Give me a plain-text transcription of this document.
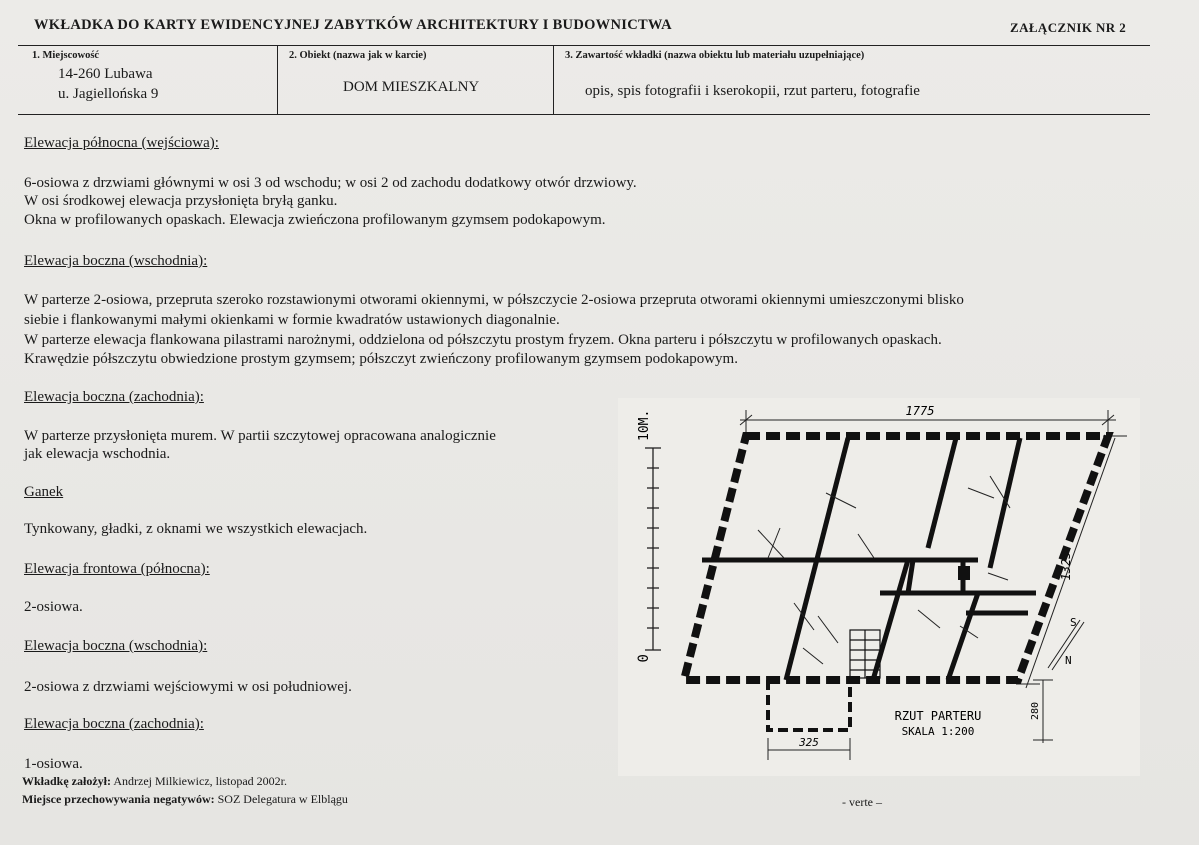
WKŁADKA DO KARTY EWIDENCYJNEJ ZABYTKÓW ARCHITEKTURY I BUDOWNICTWA	ZAŁĄCZNIK NR 2
1. Miejscowość
14-260 Lubawa
u. Jagiellońska 9
2. Obiekt (nazwa jak w karcie)
DOM MIESZKALNY
3. Zawartość wkładki (nazwa obiektu lub materiału uzupełniające)
opis, spis fotografii i kserokopii, rzut parteru, fotografie
Elewacja północna (wejściowa):
6-osiowa z drzwiami głównymi w osi 3 od wschodu; w osi 2 od zachodu dodatkowy otwór drzwiowy.
W osi środkowej elewacja przysłonięta bryłą ganku.
Okna w profilowanych opaskach. Elewacja zwieńczona profilowanym gzymsem podokapowym.
Elewacja boczna (wschodnia):
W parterze 2-osiowa, przepruta szeroko rozstawionymi otworami okiennymi, w półszczycie 2-osiowa przepruta otworami okiennymi umieszczonymi blisko
siebie i flankowanymi małymi okienkami w formie kwadratów ustawionych diagonalnie.
W parterze elewacja flankowana pilastrami narożnymi, oddzielona od półszczytu prostym fryzem. Okna parteru i półszczytu w profilowanych opaskach.
Krawędzie półszczytu obwiedzione prostym gzymsem; półszczyt zwieńczony profilowanym gzymsem podokapowym.
Elewacja boczna (zachodnia):
W parterze przysłonięta murem. W partii szczytowej opracowana analogicznie
jak elewacja wschodnia.
Ganek
Tynkowany, gładki, z oknami we wszystkich elewacjach.
Elewacja frontowa (północna):
2-osiowa.
Elewacja boczna (wschodnia):
2-osiowa z drzwiami wejściowymi w osi południowej.
Elewacja boczna (zachodnia):
1-osiowa.
Wkładkę założył: Andrzej Milkiewicz, listopad 2002r.
Miejsce przechowywania negatywów: SOZ Delegatura w Elblągu	- verte –
10M.
0
1775
1325
325
280
S
N
RZUT PARTERU
SKALA 1:200
